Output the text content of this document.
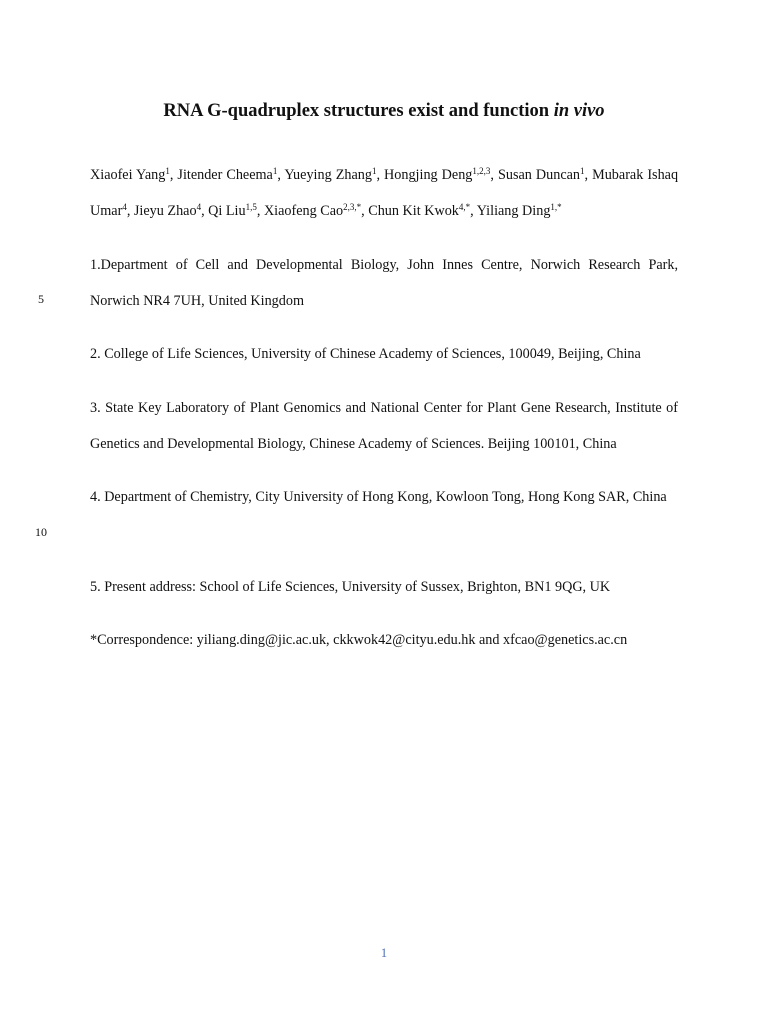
RNA G-quadruplex structures exist and function in vivo

Xiaofei Yang$^1$, Jitender Cheema$^1$, Yueying Zhang$^1$, Hongjing Deng$^{1,2,3}$, Susan Duncan$^1$, Mubarak Ishaq Umar$^4$, Jieyu Zhao$^4$, Qi Liu$^{1,5}$, Xiaofeng Cao$^{2,3,*}$, Chun Kit Kwok$^{4,*}$, Yiliang Ding$^{1,*}$

1.Department of Cell and Developmental Biology, John Innes Centre, Norwich Research Park, Norwich NR4 7UH, United Kingdom

5

2. College of Life Sciences, University of Chinese Academy of Sciences, 100049, Beijing, China

3. State Key Laboratory of Plant Genomics and National Center for Plant Gene Research, Institute of Genetics and Developmental Biology, Chinese Academy of Sciences. Beijing 100101, China

4. Department of Chemistry, City University of Hong Kong, Kowloon Tong, Hong Kong SAR, China

10

5. Present address: School of Life Sciences, University of Sussex, Brighton, BN1 9QG, UK

*Correspondence: yiliang.ding@jic.ac.uk, ckkwok42@cityu.edu.hk and xfcao@genetics.ac.cn

1
